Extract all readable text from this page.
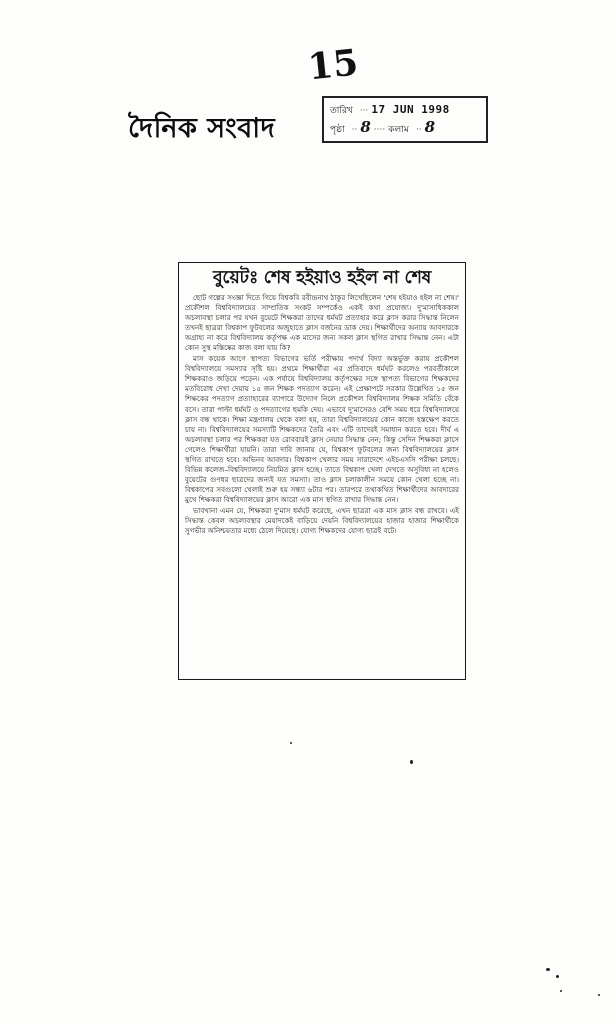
15
দৈনিক সংবাদ
তারিখ ··· 17 JUN 1998
পৃষ্ঠা ·· 8 ···· কলাম ·· 8
বুয়েটঃ শেষ হইয়াও হইল না শেষ

ছোট গল্পের সংজ্ঞা দিতে গিয়ে বিশ্বকবি রবীন্দ্রনাথ ঠাকুর লিখেছিলেন 'শেষ হইয়াও হইল না শেষ।' প্রকৌশল বিশ্ববিদ্যালয়ের সাম্প্রতিক সংকট সম্পর্কেও একই কথা প্রযোজ্য। দু'মাসাধিককাল অচলাবস্থা চলার পর যখন বুয়েটে শিক্ষকরা তাদের ধর্মঘট প্রত্যাহার করে ক্লাস করার সিদ্ধান্ত নিলেন তখনই ছাত্ররা বিশ্বকাপ ফুটবলের অজুহাতে ক্লাস বর্জনের ডাক দেয়। শিক্ষার্থীদের অন্যায় আবদারকে অগ্রাহ্য না করে বিশ্ববিদ্যালয় কর্তৃপক্ষ এক মাসের জন্য সকল ক্লাস স্থগিত রাখার সিদ্ধান্ত নেন। এটা কোন সুস্থ মস্তিষ্কের কাজ বলা যায় কি?

মাস কয়েক আগে স্থাপত্য বিভাগের ভর্তি পরীক্ষায় পদার্থ বিদ্যা অন্তর্ভুক্ত করায় প্রকৌশল বিশ্ববিদ্যালয়ে সমস্যার সৃষ্টি হয়। প্রথমে শিক্ষার্থীরা এর প্রতিবাদে ধর্মঘট করলেও পরবর্তীকালে শিক্ষকরাও জড়িয়ে পড়েন। এক পর্যায়ে বিশ্ববিদ্যালয় কর্তৃপক্ষের সঙ্গে স্থাপত্য বিভাগের শিক্ষকদের মতবিরোধ দেখা দেয়ায় ১৫ জন শিক্ষক পদত্যাগ করেন। এই প্রেক্ষাপটে সরকার উল্লেখিত ১৫ জন শিক্ষকের পদত্যাগ প্রত্যাহারের ব্যাপারে উদ্যোগ নিলে প্রকৌশল বিশ্ববিদ্যালয় শিক্ষক সমিতি বেঁকে বসে। তারা পাল্টা ধর্মঘট ও পদত্যাগের হুমকি দেয়। এভাবে দু'মাসেরও বেশি সময় ধরে বিশ্ববিদ্যালয়ে ক্লাস বন্ধ থাকে। শিক্ষা মন্ত্রণালয় থেকে বলা হয়, তারা বিশ্ববিদ্যালয়ের কোন কাজে হস্তক্ষেপ করতে চায় না। বিশ্ববিদ্যালয়ের সমস্যাটি শিক্ষকদের তৈরি এবং এটি তাদেরই সমাধান করতে হবে। দীর্ঘ এ অচলাবস্থা চলার পর শিক্ষকরা যত রোববারই ক্লাস নেয়ার সিদ্ধান্ত নেন; কিন্তু সেদিন শিক্ষকরা ক্লাসে গেলেও শিক্ষার্থীরা যায়নি। তারা দাবি জানায় যে, বিশ্বকাপ ফুটবলের জন্য বিশ্ববিদ্যালয়ের ক্লাস স্থগিত রাখতে হবে। অভিনব আবদার। বিশ্বকাপ খেলার সময় সারাদেশে এইচএসসি পরীক্ষা চলছে। বিভিন্ন কলেজ–বিশ্ববিদ্যালয়ে নিয়মিত ক্লাস হচ্ছে। তাতে বিশ্বকাপ খেলা দেখতে অসুবিধা না হলেও বুয়েটের গুণধর ছাত্রদের জন্যই যত সমস্যা। তাও ক্লাস চলাকালীন সময়ে কোন খেলা হচ্ছে না। বিশ্বকাপের সবগুলো খেলাই শুরু হয় সন্ধ্যা ৬টার পর। তারপরে তথাকথিত শিক্ষার্থীদের আবদারের মুখে শিক্ষকরা বিশ্ববিদ্যালয়ের ক্লাস আরো এক মাস স্থগিত রাখার সিদ্ধান্ত নেন।

ভাবখানা এমন যে, শিক্ষকরা দু'মাস ধর্মঘট করেছে, এখন ছাত্ররা এক মাস ক্লাস বন্ধ রাখবে। এই সিদ্ধান্ত কেবল অচলাবস্থার মেয়াদকেই বাড়িয়ে দেয়নি বিশ্ববিদ্যালয়ের হাজার হাজার শিক্ষার্থীকে সুগভীর অনিশ্চয়তার মধ্যে ঠেলে দিয়েছে। যোগ্য শিক্ষকদের যোগ্য ছাত্রই বটে।
